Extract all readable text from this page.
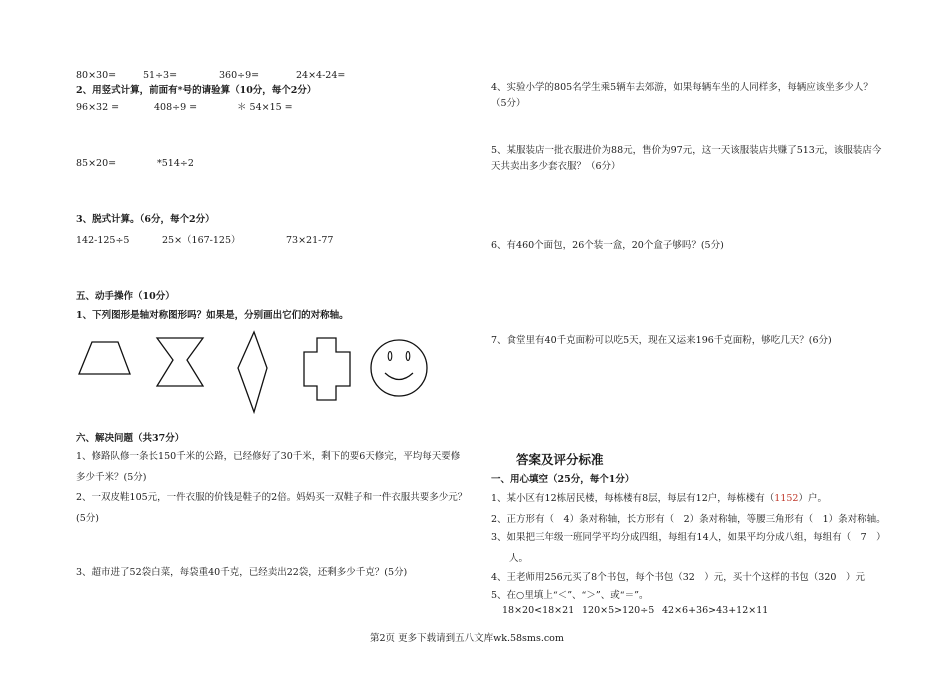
80×30=	51÷3=	360÷9=	24×4-24=
2、用竖式计算，前面有*号的请验算（10分，每个2分）
96×32 =	408÷9 =	＊ 54×15 =
85×20=	*514÷2
3、脱式计算。（6分，每个2分）
142-125÷5	25×（167-125）	73×21-77
五、动手操作（10分）
1、下列图形是轴对称图形吗？如果是，分别画出它们的对称轴。
六、解决问题（共37分）
1、修路队修一条长150千米的公路，已经修好了30千米，剩下的要6天修完，平均每天要修
多少千米？(5分)
2、一双皮鞋105元，一件衣服的价钱是鞋子的2倍。妈妈买一双鞋子和一件衣服共要多少元？
(5分)
3、超市进了52袋白菜，每袋重40千克，已经卖出22袋，还剩多少千克？(5分)
4、实验小学的805名学生乘5辆车去郊游，如果每辆车坐的人同样多，每辆应该坐多少人？
（5分）
5、某服装店一批衣服进价为88元，售价为97元，这一天该服装店共赚了513元，该服装店今
天共卖出多少套衣服？（6分）
6、有460个面包，26个装一盒，20个盒子够吗？(5分)
7、食堂里有40千克面粉可以吃5天，现在又运来196千克面粉，够吃几天？(6分)
答案及评分标准
一、用心填空（25分，每个1分）
1、某小区有12栋居民楼，每栋楼有8层，每层有12户，每栋楼有（1152）户。
2、正方形有（　4）条对称轴，长方形有（　2）条对称轴，等腰三角形有（　1）条对称轴。
3、如果把三年级一班同学平均分成四组，每组有14人，如果平均分成八组，每组有（　7　）
人。
4、王老师用256元买了8个书包，每个书包（32　）元，买十个这样的书包（320　）元
5、在○里填上“＜”、“＞”、或“＝”。
18×20<18×21 120×5>120÷5 42×6+36>43+12×11
第2页 更多下载请到五八文库wk.58sms.com
